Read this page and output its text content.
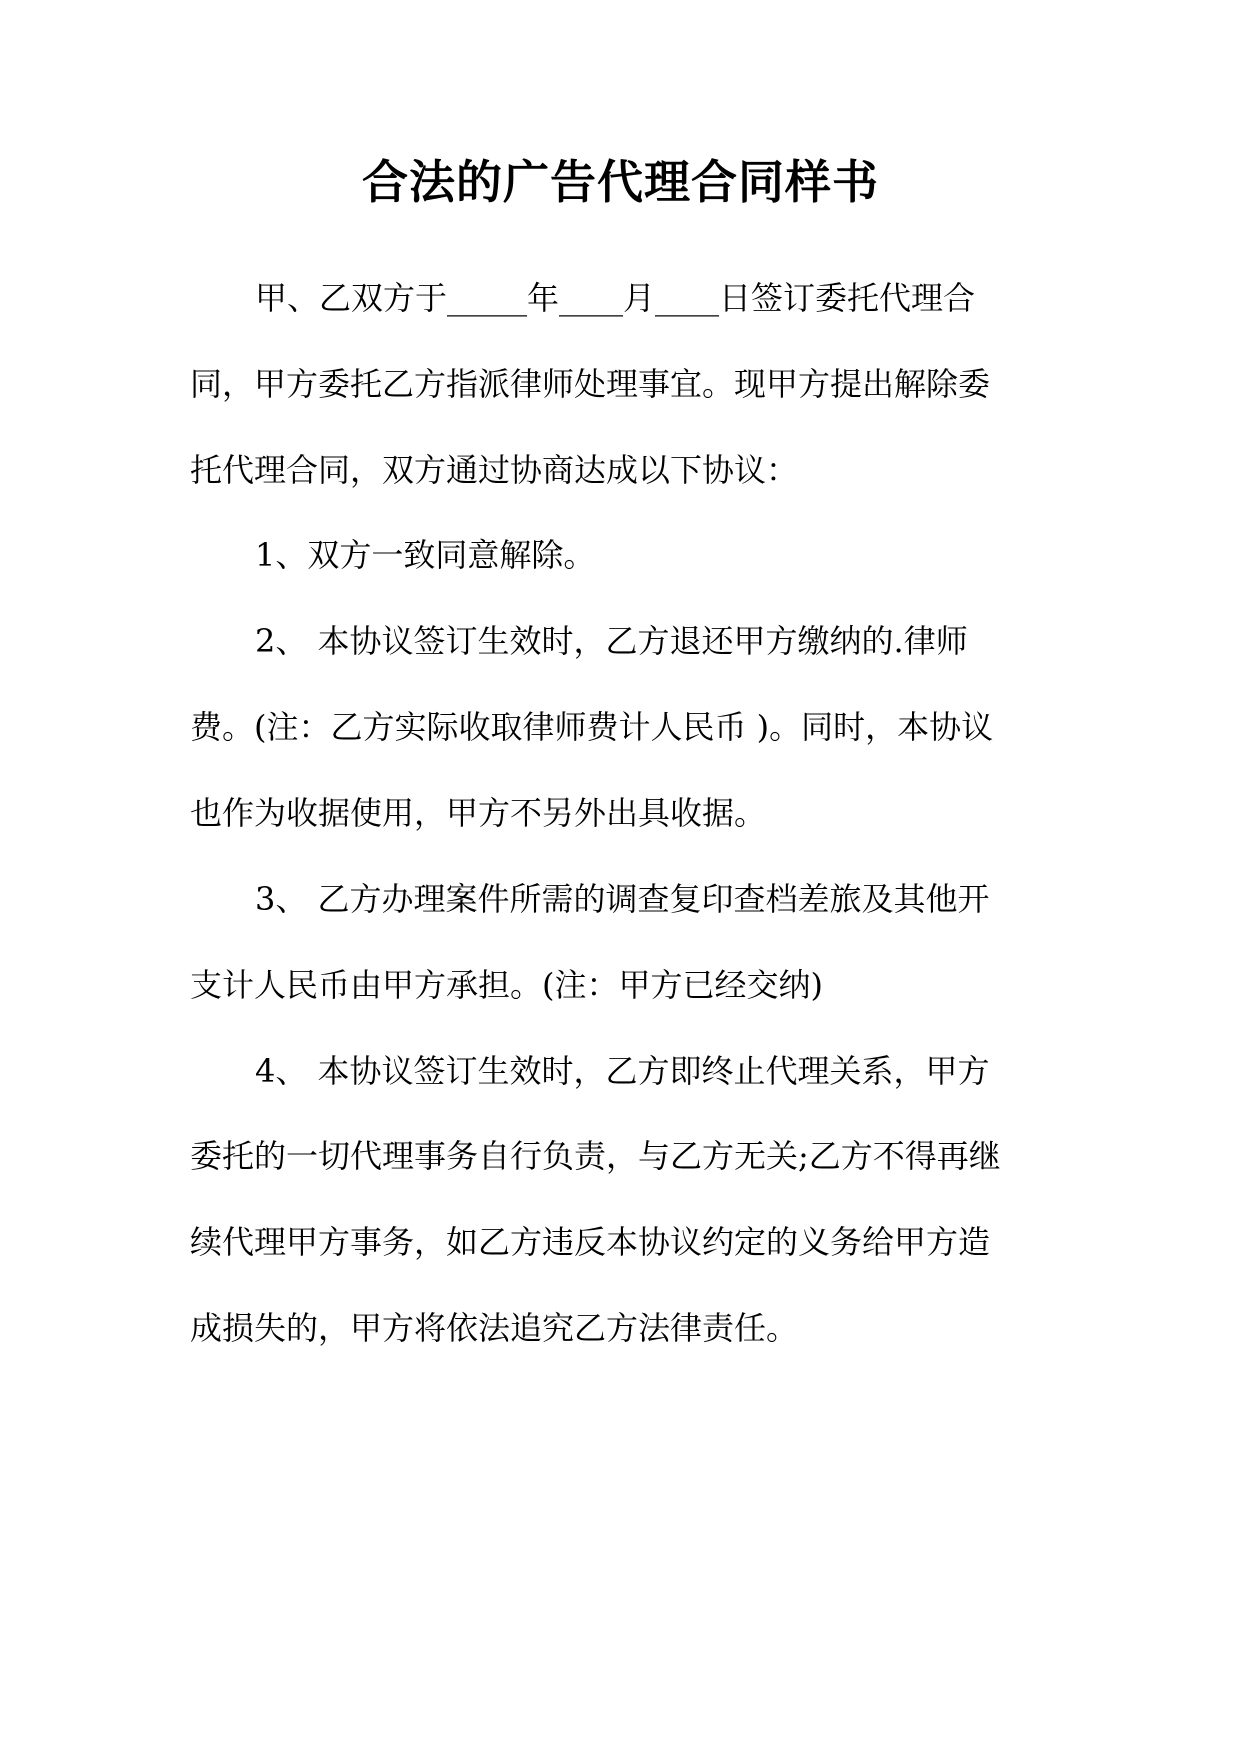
合法的广告代理合同样书
甲、乙双方于_____年____月____日签订委托代理合
同，甲方委托乙方指派律师处理事宜。现甲方提出解除委
托代理合同，双方通过协商达成以下协议：
1、双方一致同意解除。
2、 本协议签订生效时，乙方退还甲方缴纳的.律师
费。(注：乙方实际收取律师费计人民币 )。同时，本协议
也作为收据使用，甲方不另外出具收据。
3、 乙方办理案件所需的调查复印查档差旅及其他开
支计人民币由甲方承担。(注：甲方已经交纳)
4、 本协议签订生效时，乙方即终止代理关系，甲方
委托的一切代理事务自行负责，与乙方无关;乙方不得再继
续代理甲方事务，如乙方违反本协议约定的义务给甲方造
成损失的，甲方将依法追究乙方法律责任。
